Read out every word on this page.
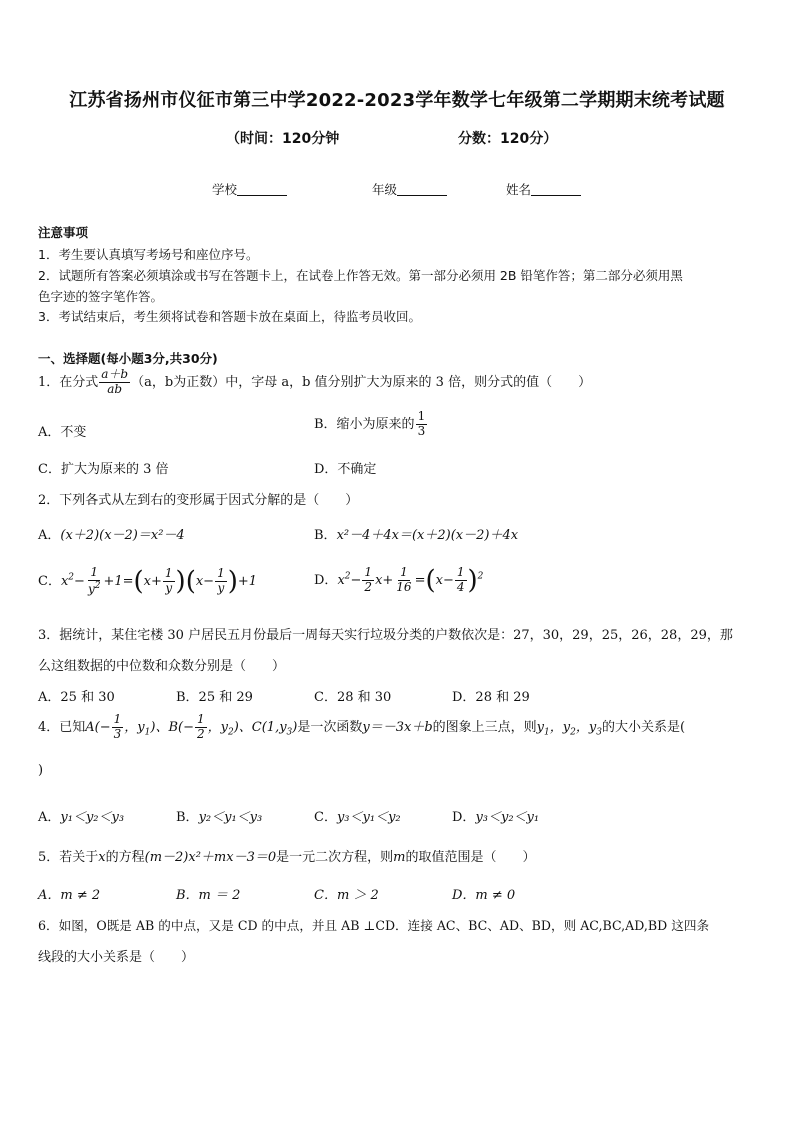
江苏省扬州市仪征市第三中学2022-2023学年数学七年级第二学期期末统考试题
（时间：120分钟	分数：120分）
学校	年级	姓名
注意事项
1．考生要认真填写考场号和座位序号。
2．试题所有答案必须填涂或书写在答题卡上，在试卷上作答无效。第一部分必须用 2B 铅笔作答；第二部分必须用黑
色字迹的签字笔作答。
3．考试结束后，考生须将试卷和答题卡放在桌面上，待监考员收回。
一、选择题(每小题3分,共30分)
1．在分式 $\frac{a+b}{ab} (a$，b为正数）中，字母 a，b 值分别扩大为原来的 3 倍，则分式的值（　　）
A．不变
B．缩小为原来的 $\frac{1}{3}$
C．扩大为原来的 3 倍	D．不确定
2．下列各式从左到右的变形属于因式分解的是（　　）
A．(x＋2)(x－2)＝x²－4	B．x²－4＋4x＝(x＋2)(x－2)＋4x
C．$x^2- \frac{1}{y^2} +1=(x+ \frac{1}{y} )(x- \frac{1}{y} )+1$	D．$x^2- \frac{1}{2} x+ \frac{1}{16} =(x- \frac{1}{4} )^2$
3．据统计，某住宅楼 30 户居民五月份最后一周每天实行垃圾分类的户数依次是：27，30，29，25，26，28，29，那
么这组数据的中位数和众数分别是（　　）
A．25 和 30	B．25 和 29	C．28 和 30	D．28 和 29
4．已知$A(- \frac{1}{3}$ ，$y_1$)、$B(- \frac{1}{2}$ ，$y_2$)、$C(1,y_3)$是一次函数y＝－3x＋b的图象上三点，则$y_1$，$y_2$，$y_3$的大小关系是(
)
A．y₁＜y₂＜y₃	B．y₂＜y₁＜y₃	C．y₃＜y₁＜y₂	D．y₃＜y₂＜y₁
5．若关于x的方程(m－2)x²＋mx－3＝0是一元二次方程，则m的取值范围是（　　）
A．m ≠ 2	B．m ＝ 2	C．m ＞ 2	D．m ≠ 0
6．如图，O既是 AB 的中点，又是 CD 的中点，并且 AB ⊥CD．连接 AC、BC、AD、BD，则 AC,BC,AD,BD 这四条
线段的大小关系是（　　）
